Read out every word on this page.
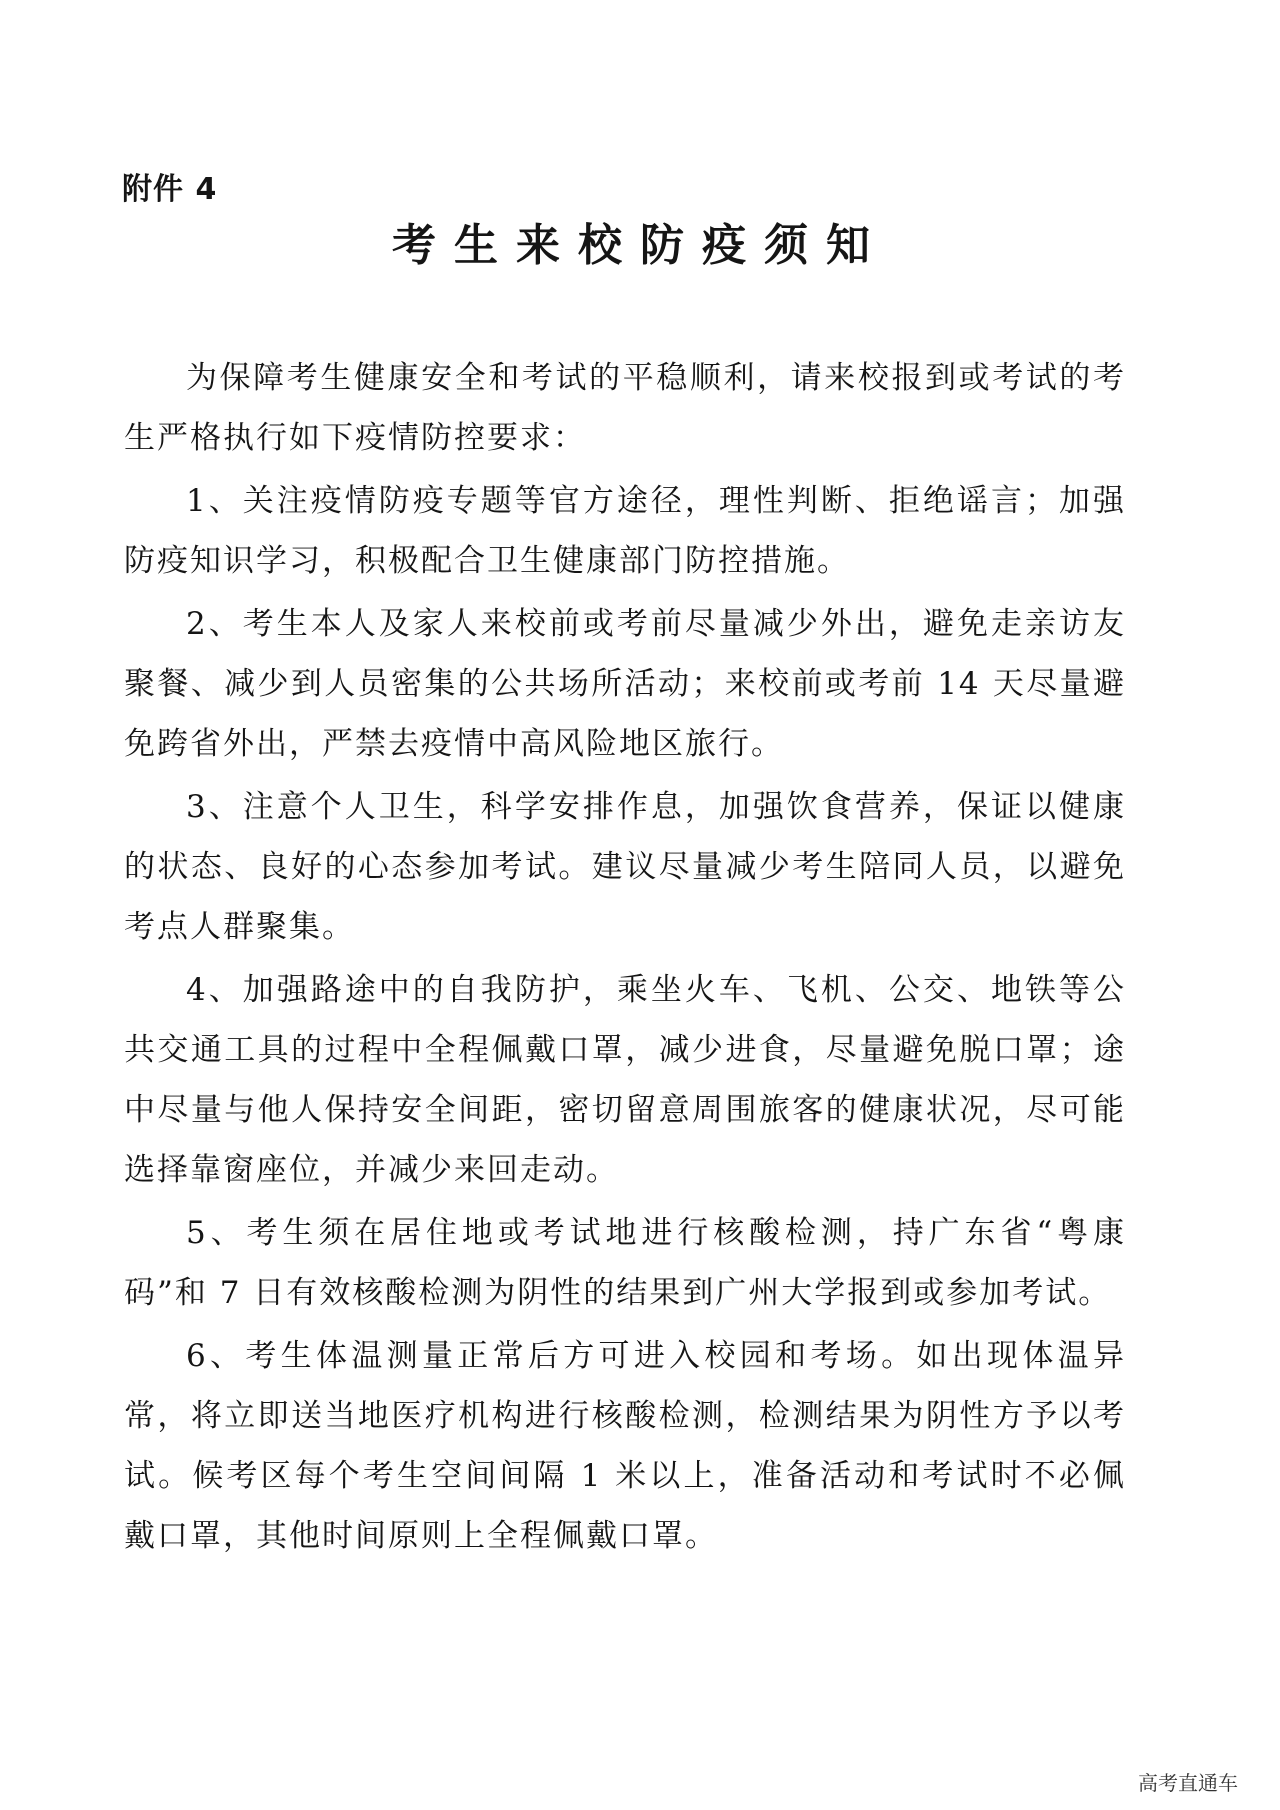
附件 4
考生来校防疫须知

为保障考生健康安全和考试的平稳顺利，请来校报到或考试的考生严格执行如下疫情防控要求：

1、关注疫情防疫专题等官方途径，理性判断、拒绝谣言；加强防疫知识学习，积极配合卫生健康部门防控措施。

2、考生本人及家人来校前或考前尽量减少外出，避免走亲访友聚餐、减少到人员密集的公共场所活动；来校前或考前 14 天尽量避免跨省外出，严禁去疫情中高风险地区旅行。

3、注意个人卫生，科学安排作息，加强饮食营养，保证以健康的状态、良好的心态参加考试。建议尽量减少考生陪同人员，以避免考点人群聚集。

4、加强路途中的自我防护，乘坐火车、飞机、公交、地铁等公共交通工具的过程中全程佩戴口罩，减少进食，尽量避免脱口罩；途中尽量与他人保持安全间距，密切留意周围旅客的健康状况，尽可能选择靠窗座位，并减少来回走动。

5、考生须在居住地或考试地进行核酸检测，持广东省“粤康码”和 7 日有效核酸检测为阴性的结果到广州大学报到或参加考试。

6、考生体温测量正常后方可进入校园和考场。如出现体温异常，将立即送当地医疗机构进行核酸检测，检测结果为阴性方予以考试。候考区每个考生空间间隔 1 米以上，准备活动和考试时不必佩戴口罩，其他时间原则上全程佩戴口罩。

高考直通车
